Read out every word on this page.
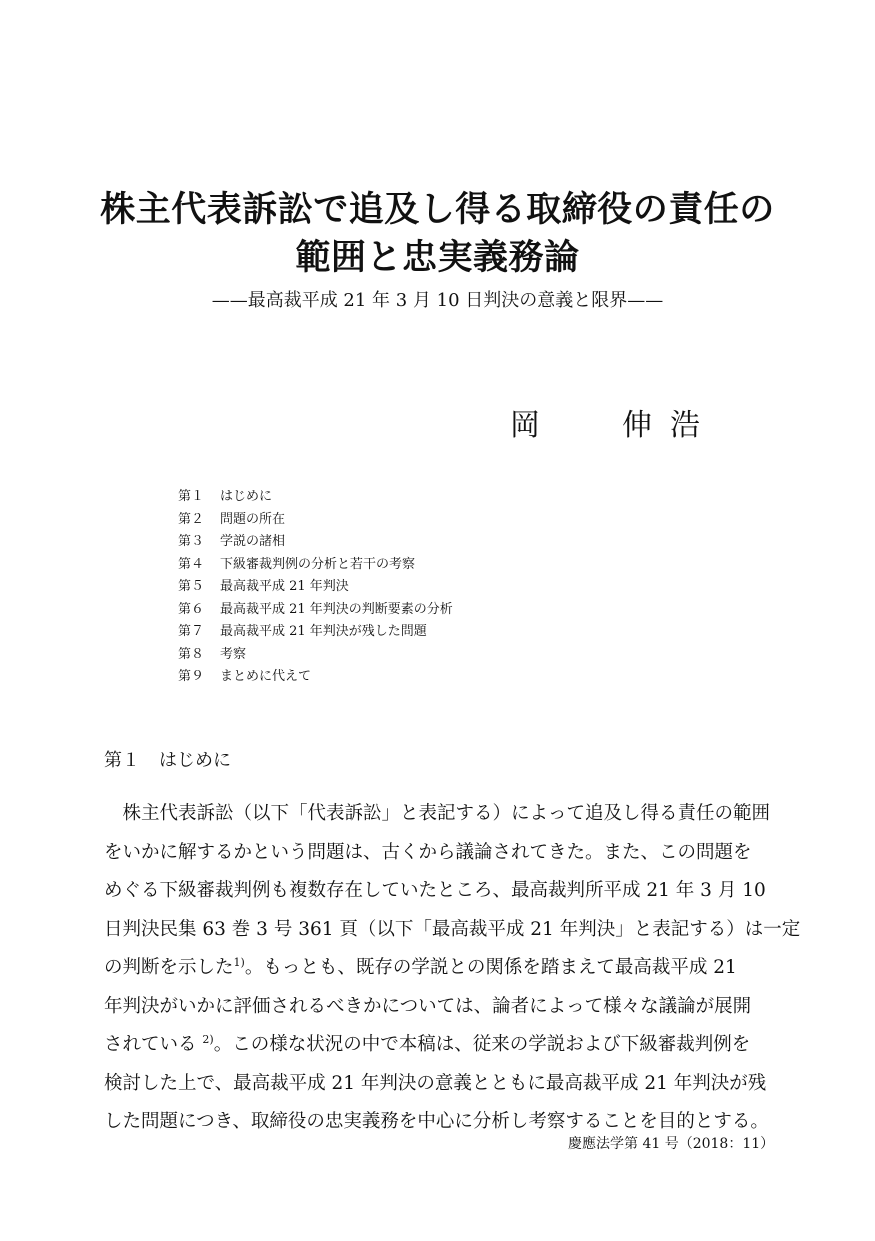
株主代表訴訟で追及し得る取締役の責任の
範囲と忠実義務論
——最高裁平成 21 年 3 月 10 日判決の意義と限界——
岡	伸 浩
第１	はじめに
第２	問題の所在
第３	学説の諸相
第４	下級審裁判例の分析と若干の考察
第５	最高裁平成 21 年判決
第６	最高裁平成 21 年判決の判断要素の分析
第７	最高裁平成 21 年判決が残した問題
第８	考察
第９	まとめに代えて
第１	はじめに

　株主代表訴訟（以下「代表訴訟」と表記する）によって追及し得る責任の範囲
をいかに解するかという問題は、古くから議論されてきた。また、この問題を
めぐる下級審裁判例も複数存在していたところ、最高裁判所平成 21 年 3 月 10
日判決民集 63 巻 3 号 361 頁（以下「最高裁平成 21 年判決」と表記する）は一定
の判断を示した$^{1)}$。もっとも、既存の学説との関係を踏まえて最高裁平成 21
年判決がいかに評価されるべきかについては、論者によって様々な議論が展開
されている $^{2)}$。この様な状況の中で本稿は、従来の学説および下級審裁判例を
検討した上で、最高裁平成 21 年判決の意義とともに最高裁平成 21 年判決が残
した問題につき、取締役の忠実義務を中心に分析し考察することを目的とする。

慶應法学第 41 号（2018：11）
